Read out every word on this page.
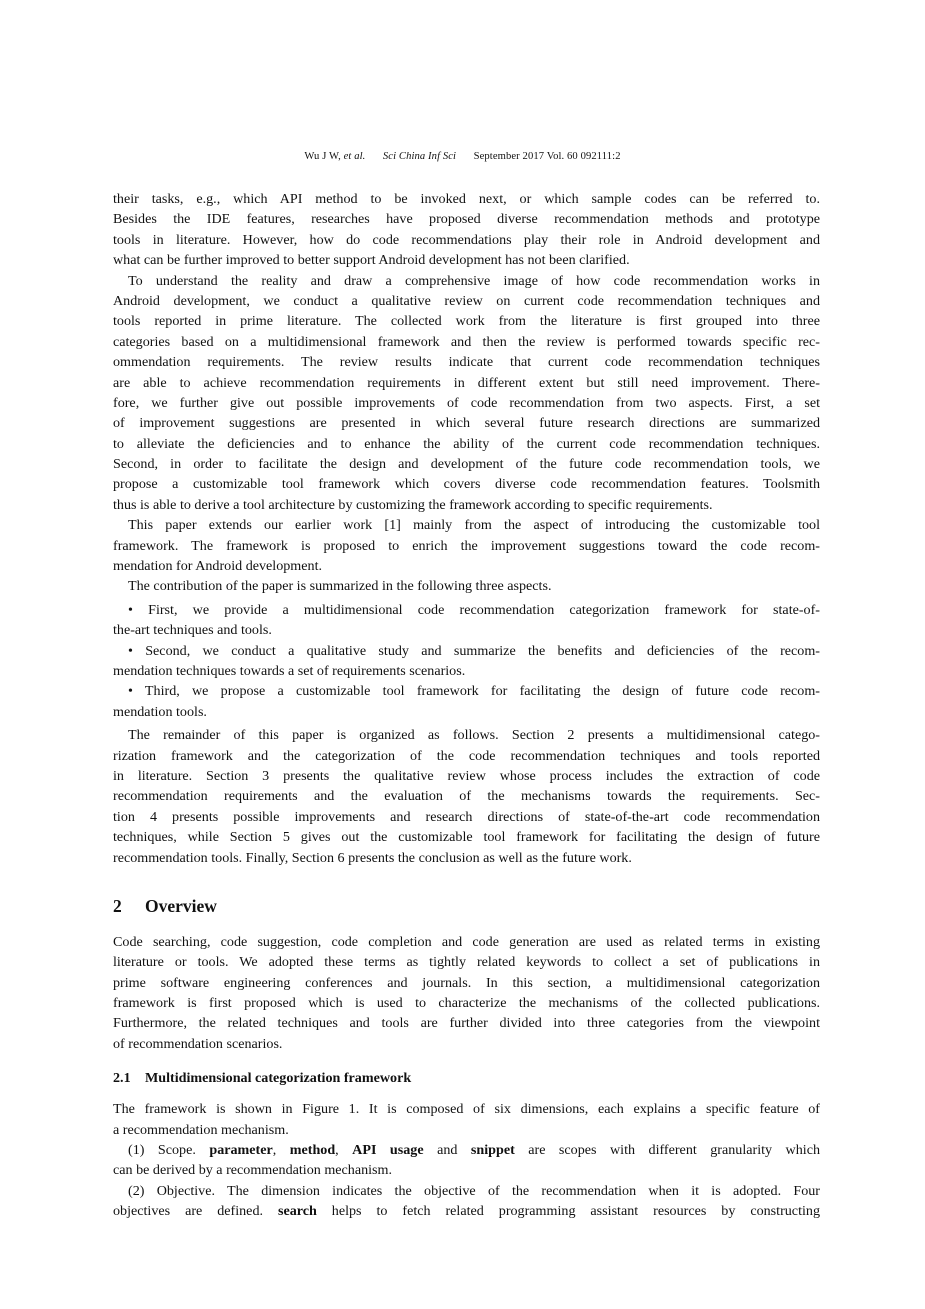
Wu J W, et al. Sci China Inf Sci September 2017 Vol. 60 092111:2
their tasks, e.g., which API method to be invoked next, or which sample codes can be referred to.
Besides the IDE features, researches have proposed diverse recommendation methods and prototype
tools in literature. However, how do code recommendations play their role in Android development and
what can be further improved to better support Android development has not been clarified.
To understand the reality and draw a comprehensive image of how code recommendation works in
Android development, we conduct a qualitative review on current code recommendation techniques and
tools reported in prime literature. The collected work from the literature is first grouped into three
categories based on a multidimensional framework and then the review is performed towards specific rec-
ommendation requirements. The review results indicate that current code recommendation techniques
are able to achieve recommendation requirements in different extent but still need improvement. There-
fore, we further give out possible improvements of code recommendation from two aspects. First, a set
of improvement suggestions are presented in which several future research directions are summarized
to alleviate the deficiencies and to enhance the ability of the current code recommendation techniques.
Second, in order to facilitate the design and development of the future code recommendation tools, we
propose a customizable tool framework which covers diverse code recommendation features. Toolsmith
thus is able to derive a tool architecture by customizing the framework according to specific requirements.
This paper extends our earlier work [1] mainly from the aspect of introducing the customizable tool
framework. The framework is proposed to enrich the improvement suggestions toward the code recom-
mendation for Android development.
The contribution of the paper is summarized in the following three aspects.
• First, we provide a multidimensional code recommendation categorization framework for state-of-
the-art techniques and tools.
• Second, we conduct a qualitative study and summarize the benefits and deficiencies of the recom-
mendation techniques towards a set of requirements scenarios.
• Third, we propose a customizable tool framework for facilitating the design of future code recom-
mendation tools.
The remainder of this paper is organized as follows. Section 2 presents a multidimensional catego-
rization framework and the categorization of the code recommendation techniques and tools reported
in literature. Section 3 presents the qualitative review whose process includes the extraction of code
recommendation requirements and the evaluation of the mechanisms towards the requirements. Sec-
tion 4 presents possible improvements and research directions of state-of-the-art code recommendation
techniques, while Section 5 gives out the customizable tool framework for facilitating the design of future
recommendation tools. Finally, Section 6 presents the conclusion as well as the future work.
2 Overview
Code searching, code suggestion, code completion and code generation are used as related terms in existing
literature or tools. We adopted these terms as tightly related keywords to collect a set of publications in
prime software engineering conferences and journals. In this section, a multidimensional categorization
framework is first proposed which is used to characterize the mechanisms of the collected publications.
Furthermore, the related techniques and tools are further divided into three categories from the viewpoint
of recommendation scenarios.
2.1 Multidimensional categorization framework
The framework is shown in Figure 1. It is composed of six dimensions, each explains a specific feature of
a recommendation mechanism.
(1) Scope. parameter, method, API usage and snippet are scopes with different granularity which
can be derived by a recommendation mechanism.
(2) Objective. The dimension indicates the objective of the recommendation when it is adopted. Four
objectives are defined. search helps to fetch related programming assistant resources by constructing
